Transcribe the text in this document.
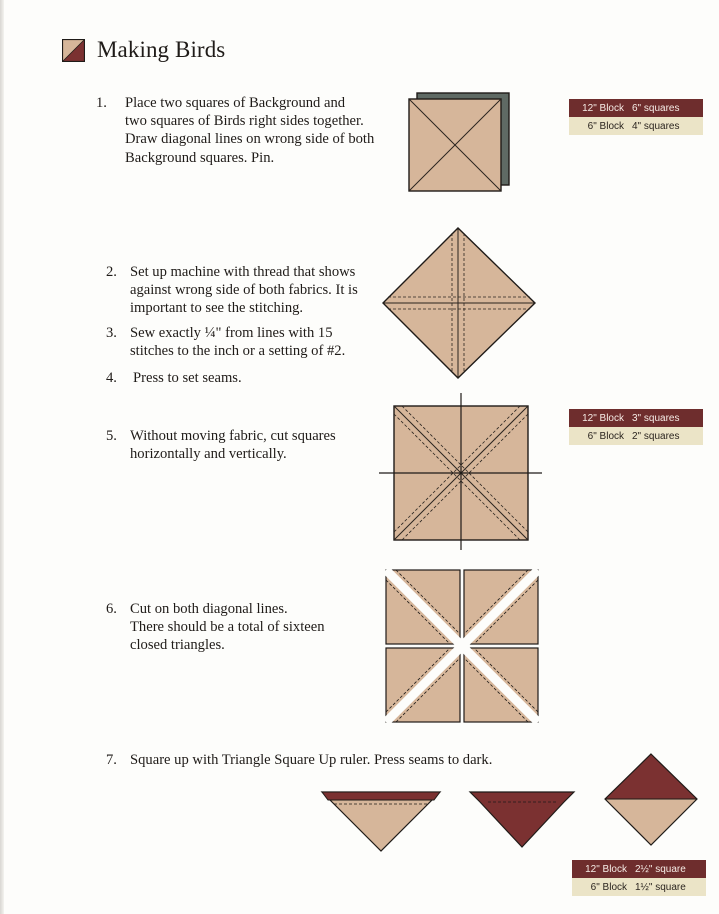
Making Birds
1. Place two squares of Background and
two squares of Birds right sides together.
Draw diagonal lines on wrong side of both
Background squares. Pin.
2. Set up machine with thread that shows
against wrong side of both fabrics. It is
important to see the stitching.
3. Sew exactly ¼" from lines with 15
stitches to the inch or a setting of #2.
4. Press to set seams.
5. Without moving fabric, cut squares
horizontally and vertically.
6. Cut on both diagonal lines.
There should be a total of sixteen
closed triangles.
7. Square up with Triangle Square Up ruler. Press seams to dark.
12" Block 6" squares
6" Block 4" squares
12" Block 3" squares
6" Block 2" squares
12" Block 2½" square
6" Block 1½" square
